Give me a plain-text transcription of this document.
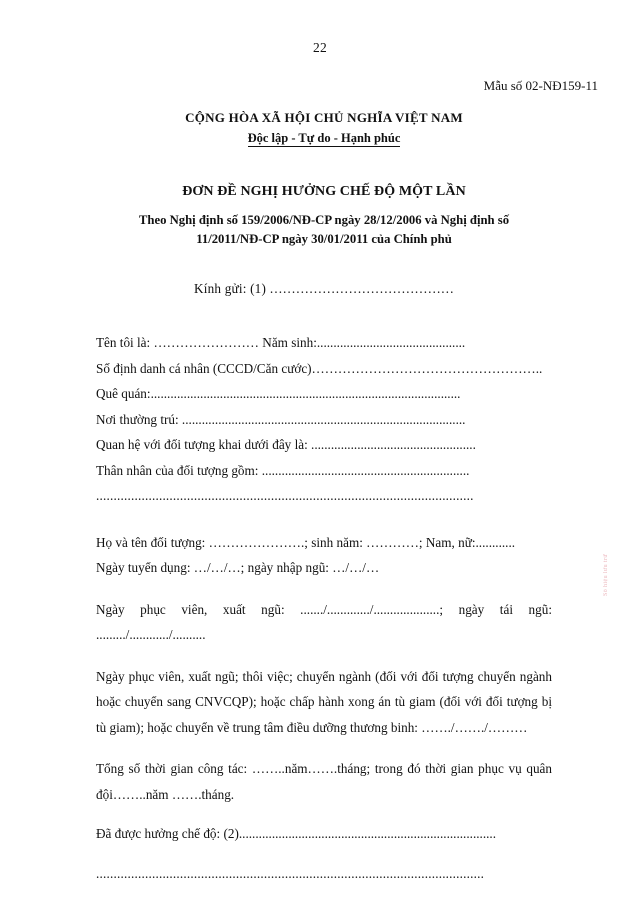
Số hiệu lưu trữ
22
Mẫu số 02-NĐ159-11
CỘNG HÒA XÃ HỘI CHỦ NGHĨA VIỆT NAM
Độc lập - Tự do - Hạnh phúc
ĐƠN ĐỀ NGHỊ HƯỞNG CHẾ ĐỘ MỘT LẦN
Theo Nghị định số 159/2006/NĐ-CP ngày 28/12/2006 và Nghị định số
11/2011/NĐ-CP ngày 30/01/2011 của Chính phủ
Kính gửi: (1) ……………………………………
Tên tôi là: …………………… Năm sinh:.............................................
Số định danh cá nhân (CCCD/Căn cước)……………………………………………..
Quê quán:..............................................................................................
Nơi thường trú: ......................................................................................
Quan hệ với đối tượng khai dưới đây là: ..................................................
Thân nhân của đối tượng gồm: ...............................................................
............................................................................................................
Họ và tên đối tượng: ………………….; sinh năm: …………; Nam, nữ:............
Ngày tuyển dụng: …/…/…; ngày nhập ngũ: …/…/…

Ngày phục viên, xuất ngũ: ......./............./....................; ngày tái ngũ: ........./............/..........

Ngày phục viên, xuất ngũ; thôi việc; chuyển ngành (đối với đối tượng chuyển ngành hoặc chuyển sang CNVCQP); hoặc chấp hành xong án tù giam (đối với đối tượng bị tù giam); hoặc chuyển về trung tâm điều dưỡng thương binh: ……./……./………

Tổng số thời gian công tác: ……..năm…….tháng; trong đó thời gian phục vụ quân đội……..năm …….tháng.

Đã được hưởng chế độ: (2)..............................................................................
...............................................................................................................
